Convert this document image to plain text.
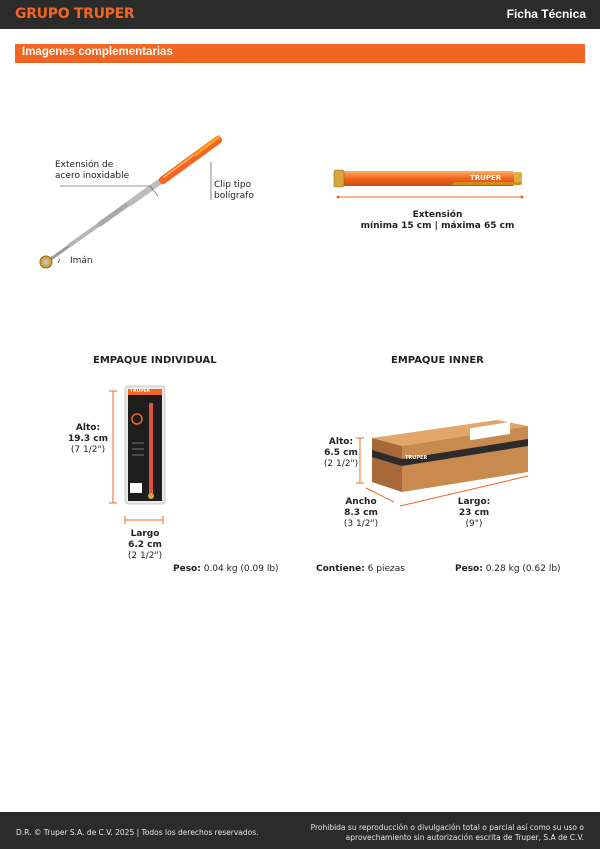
GRUPO TRUPER	Ficha Técnica
Imagenes complementarias
Extensión de
acero inoxidable
Clip tipo
bolígrafo
Imán
TRUPER
Extensión
mínima 15 cm | máxima 65 cm
EMPAQUE INDIVIDUAL
TRUPER
Alto:
19.3 cm
(7 1/2")
Largo
6.2 cm
(2 1/2")
Peso: 0.04 kg (0.09 lb)
EMPAQUE INNER
TRUPER
Alto:
6.5 cm
(2 1/2")
Ancho
8.3 cm
(3 1/2")
Largo:
23 cm
(9")
Contiene: 6 piezas	Peso: 0.28 kg (0.62 lb)
D.R. © Truper S.A. de C.V. 2025 | Todos los derechos reservados.
Prohibida su reproducción o divulgación total o parcial así como su uso o
aprovechamiento sin autorización escrita de Truper, S.A de C.V.
